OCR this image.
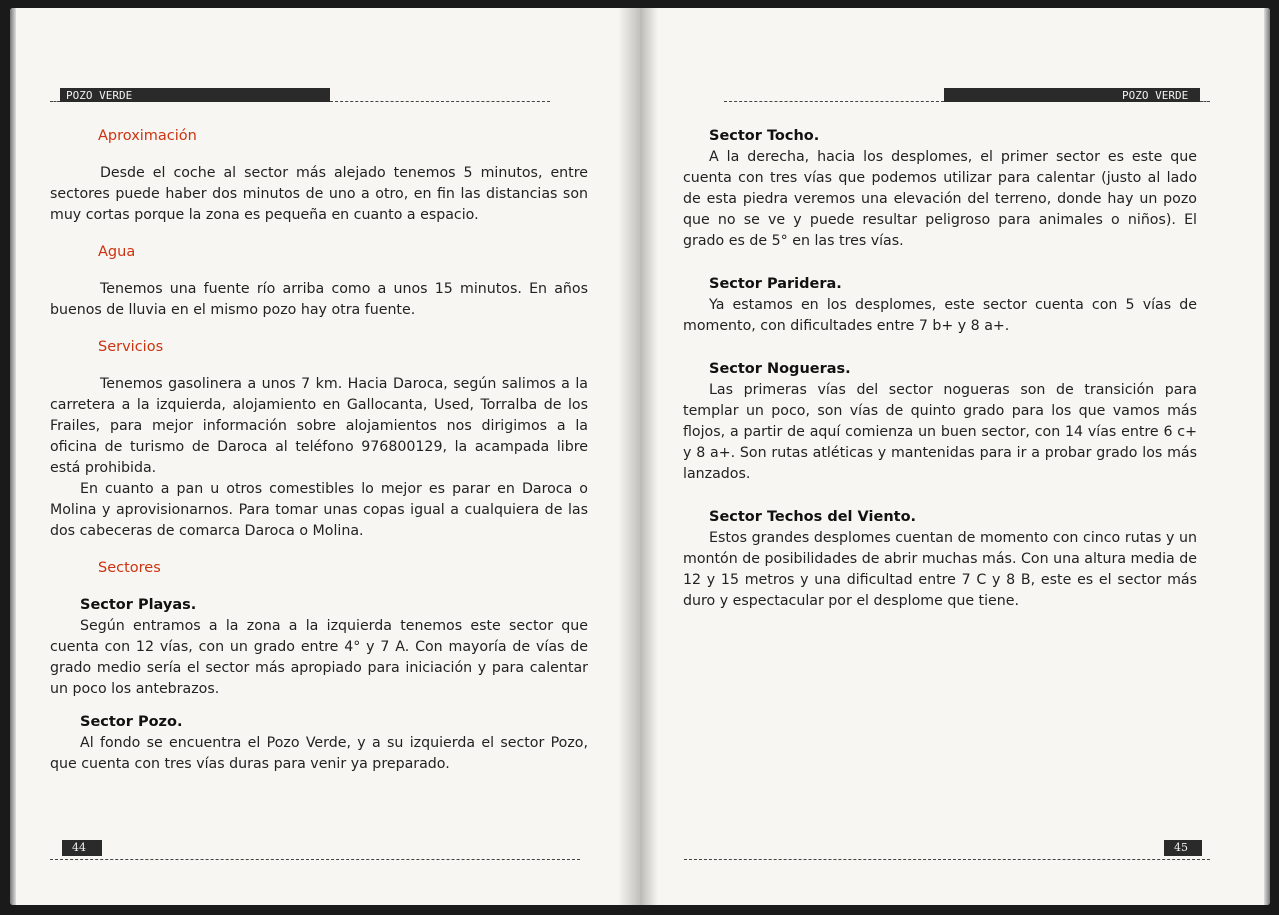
POZO VERDE

Aproximación

Desde el coche al sector más alejado tenemos 5 minutos, entre sectores puede haber dos minutos de uno a otro, en fin las distancias son muy cortas porque la zona es pequeña en cuanto a espacio.

Agua

Tenemos una fuente río arriba como a unos 15 minutos. En años buenos de lluvia en el mismo pozo hay otra fuente.

Servicios

Tenemos gasolinera a unos 7 km. Hacia Daroca, según salimos a la carretera a la izquierda, alojamiento en Gallocanta, Used, Torralba de los Frailes, para mejor información sobre alojamientos nos dirigimos a la oficina de turismo de Daroca al teléfono 976800129, la acampada libre está prohibida.

En cuanto a pan u otros comestibles lo mejor es parar en Daroca o Molina y aprovisionarnos. Para tomar unas copas igual a cualquiera de las dos cabeceras de comarca Daroca o Molina.

Sectores

Sector Playas.

Según entramos a la zona a la izquierda tenemos este sector que cuenta con 12 vías, con un grado entre 4° y 7 A. Con mayoría de vías de grado medio sería el sector más apropiado para iniciación y para calentar un poco los antebrazos.

Sector Pozo.

Al fondo se encuentra el Pozo Verde, y a su izquierda el sector Pozo, que cuenta con tres vías duras para venir ya preparado.

44
POZO VERDE

Sector Tocho.

A la derecha, hacia los desplomes, el primer sector es este que cuenta con tres vías que podemos utilizar para calentar (justo al lado de esta piedra veremos una elevación del terreno, donde hay un pozo que no se ve y puede resultar peligroso para animales o niños). El grado es de 5° en las tres vías.

Sector Paridera.

Ya estamos en los desplomes, este sector cuenta con 5 vías de momento, con dificultades entre 7 b+ y 8 a+.

Sector Nogueras.

Las primeras vías del sector nogueras son de transición para templar un poco, son vías de quinto grado para los que vamos más flojos, a partir de aquí comienza un buen sector, con 14 vías entre 6 c+ y 8 a+. Son rutas atléticas y mantenidas para ir a probar grado los más lanzados.

Sector Techos del Viento.

Estos grandes desplomes cuentan de momento con cinco rutas y un montón de posibilidades de abrir muchas más. Con una altura media de 12 y 15 metros y una dificultad entre 7 C y 8 B, este es el sector más duro y espectacular por el desplome que tiene.

45
